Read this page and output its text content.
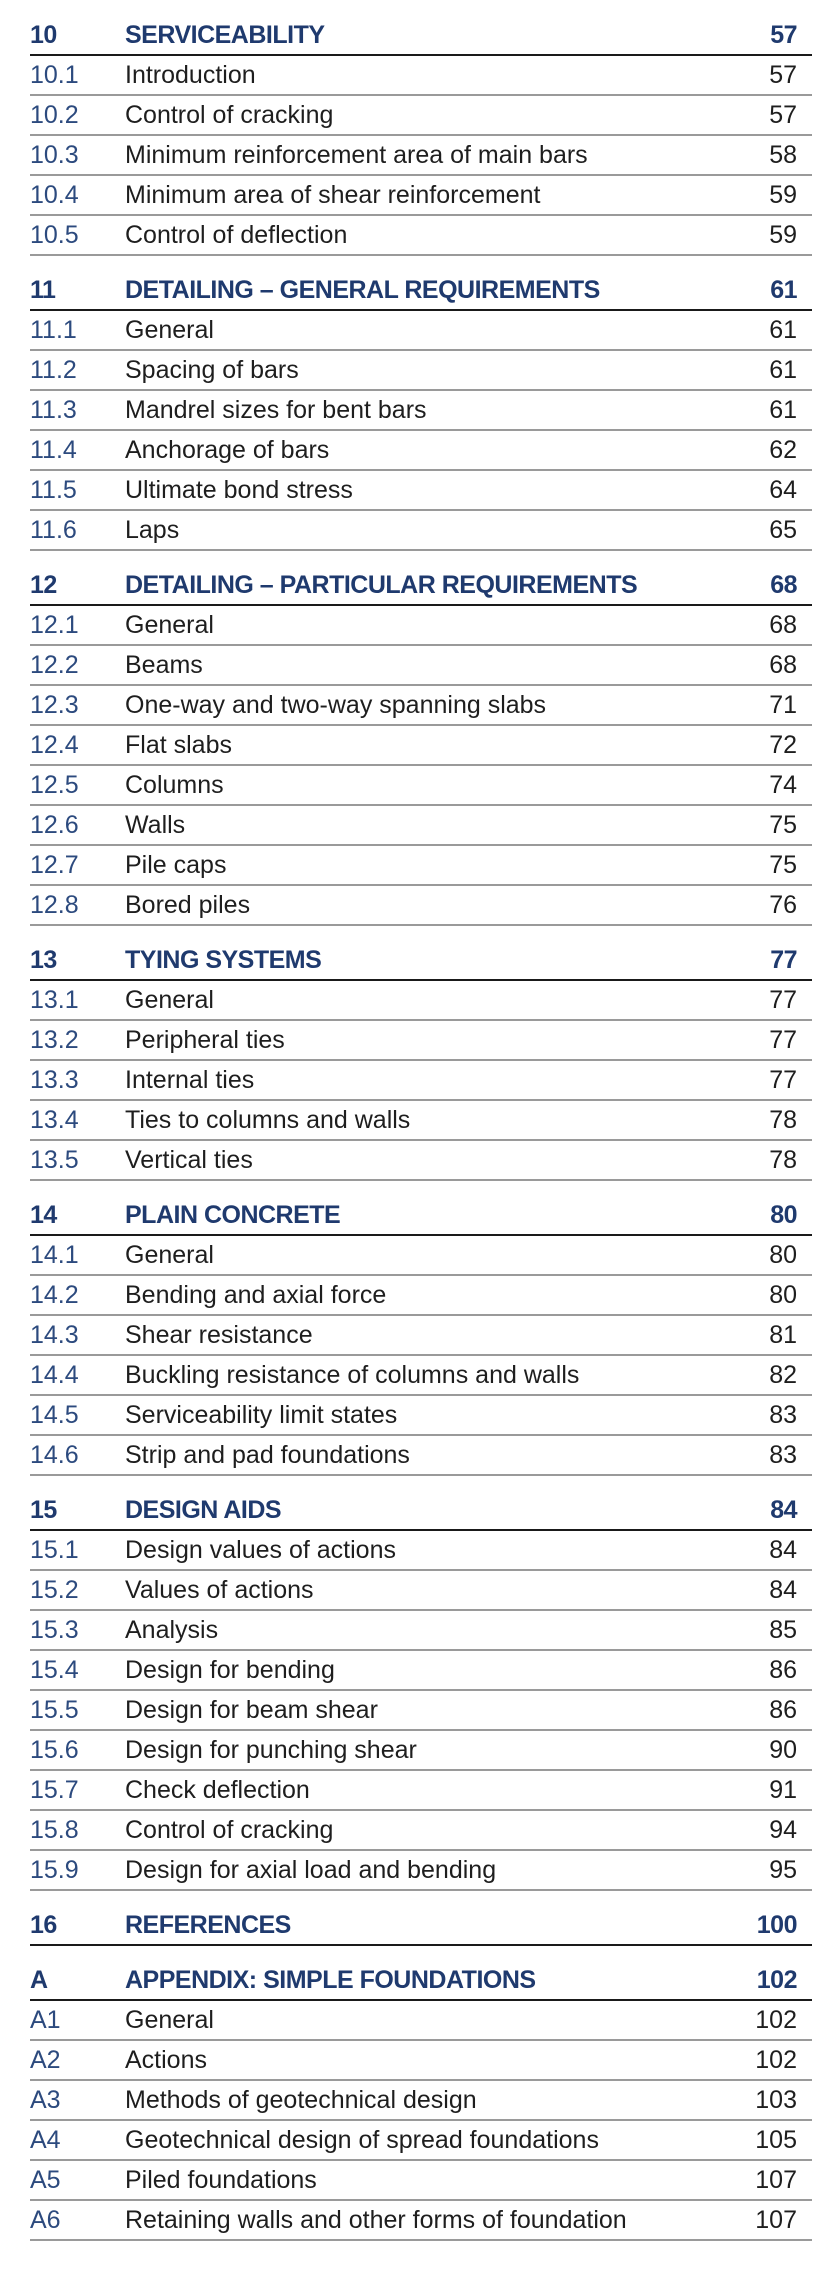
10	SERVICEABILITY	57
10.1	Introduction	57
10.2	Control of cracking	57
10.3	Minimum reinforcement area of main bars	58
10.4	Minimum area of shear reinforcement	59
10.5	Control of deflection	59
11	DETAILING – GENERAL REQUIREMENTS	61
11.1	General	61
11.2	Spacing of bars	61
11.3	Mandrel sizes for bent bars	61
11.4	Anchorage of bars	62
11.5	Ultimate bond stress	64
11.6	Laps	65
12	DETAILING – PARTICULAR REQUIREMENTS	68
12.1	General	68
12.2	Beams	68
12.3	One-way and two-way spanning slabs	71
12.4	Flat slabs	72
12.5	Columns	74
12.6	Walls	75
12.7	Pile caps	75
12.8	Bored piles	76
13	TYING SYSTEMS	77
13.1	General	77
13.2	Peripheral ties	77
13.3	Internal ties	77
13.4	Ties to columns and walls	78
13.5	Vertical ties	78
14	PLAIN CONCRETE	80
14.1	General	80
14.2	Bending and axial force	80
14.3	Shear resistance	81
14.4	Buckling resistance of columns and walls	82
14.5	Serviceability limit states	83
14.6	Strip and pad foundations	83
15	DESIGN AIDS	84
15.1	Design values of actions	84
15.2	Values of actions	84
15.3	Analysis	85
15.4	Design for bending	86
15.5	Design for beam shear	86
15.6	Design for punching shear	90
15.7	Check deflection	91
15.8	Control of cracking	94
15.9	Design for axial load and bending	95
16	REFERENCES	100
A	APPENDIX: SIMPLE FOUNDATIONS	102
A1	General	102
A2	Actions	102
A3	Methods of geotechnical design	103
A4	Geotechnical design of spread foundations	105
A5	Piled foundations	107
A6	Retaining walls and other forms of foundation	107
